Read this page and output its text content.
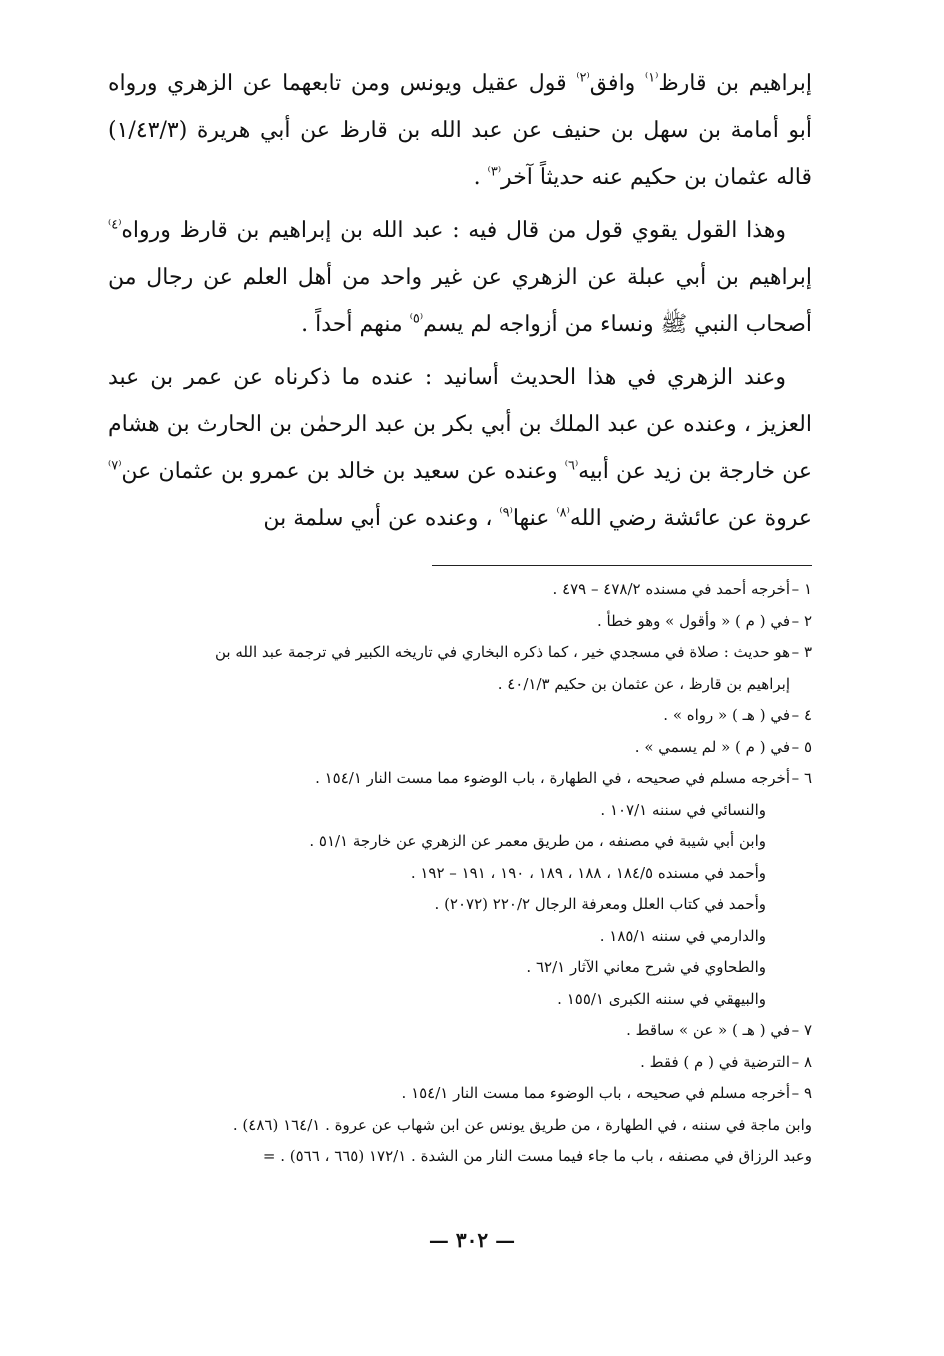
إبراهيم بن قارظ$^{^(١^)}$ وافق$^{^(٢^)}$ قول عقيل ويونس ومن تابعهما عن الزهري ورواه أبو أمامة بن سهل بن حنيف عن عبد الله بن قارظ عن أبي هريرة (١/٤٣/٣) قاله عثمان بن حكيم عنه حديثاً آخر$^{^(٣^)}$ .

وهذا القول يقوي قول من قال فيه : عبد الله بن إبراهيم بن قارظ ورواه$^{^(٤^)}$ إبراهيم بن أبي عبلة عن الزهري عن غير واحد من أهل العلم عن رجال من أصحاب النبي ﷺ ونساء من أزواجه لم يسم$^{^(٥^)}$ منهم أحداً .

وعند الزهري في هذا الحديث أسانيد : عنده ما ذكرناه عن عمر بن عبد العزيز ، وعنده عن عبد الملك بن أبي بكر بن عبد الرحمٰن بن الحارث بن هشام عن خارجة بن زيد عن أبيه$^{^(٦^)}$ وعنده عن سعيد بن خالد بن عمرو بن عثمان عن$^{^(٧^)}$ عروة عن عائشة رضي الله$^{^(٨^)}$ عنها$^{^(٩^)}$ ، وعنده عن أبي سلمة بن

١ –أخرجه أحمد في مسنده ٤٧٨/٢ – ٤٧٩ .
٢ –في ( م ) « وأقول » وهو خطأ .
٣ –هو حديث : صلاة في مسجدي خير ، كما ذكره البخاري في تاريخه الكبير في ترجمة عبد الله بن
إبراهيم بن قارظ ، عن عثمان بن حكيم ٤٠/١/٣ .
٤ –في ( هـ ) « رواه » .
٥ –في ( م ) « لم يسمي » .
٦ –أخرجه مسلم في صحيحه ، في الطهارة ، باب الوضوء مما مست النار ١٥٤/١ .
والنسائي في سننه ١٠٧/١ .
وابن أبي شيبة في مصنفه ، من طريق معمر عن الزهري عن خارجة ٥١/١ .
وأحمد في مسنده ١٨٤/٥ ، ١٨٨ ، ١٨٩ ، ١٩٠ ، ١٩١ – ١٩٢ .
وأحمد في كتاب العلل ومعرفة الرجال ٢٢٠/٢ (٢٠٧٢) .
والدارمي في سننه ١٨٥/١ .
والطحاوي في شرح معاني الآثار ٦٢/١ .
والبيهقي في سننه الكبرى ١٥٥/١ .
٧ –في ( هـ ) « عن » ساقط .
٨ –الترضية في ( م ) فقط .
٩ –أخرجه مسلم في صحيحه ، باب الوضوء مما مست النار ١٥٤/١ .
وابن ماجة في سننه ، في الطهارة ، من طريق يونس عن ابن شهاب عن عروة . ١٦٤/١ (٤٨٦) .
وعبد الرزاق في مصنفه ، باب ما جاء فيما مست النار من الشدة . ١٧٢/١ (٦٦٥ ، ٥٦٦) . =
— ٣٠٢ —
